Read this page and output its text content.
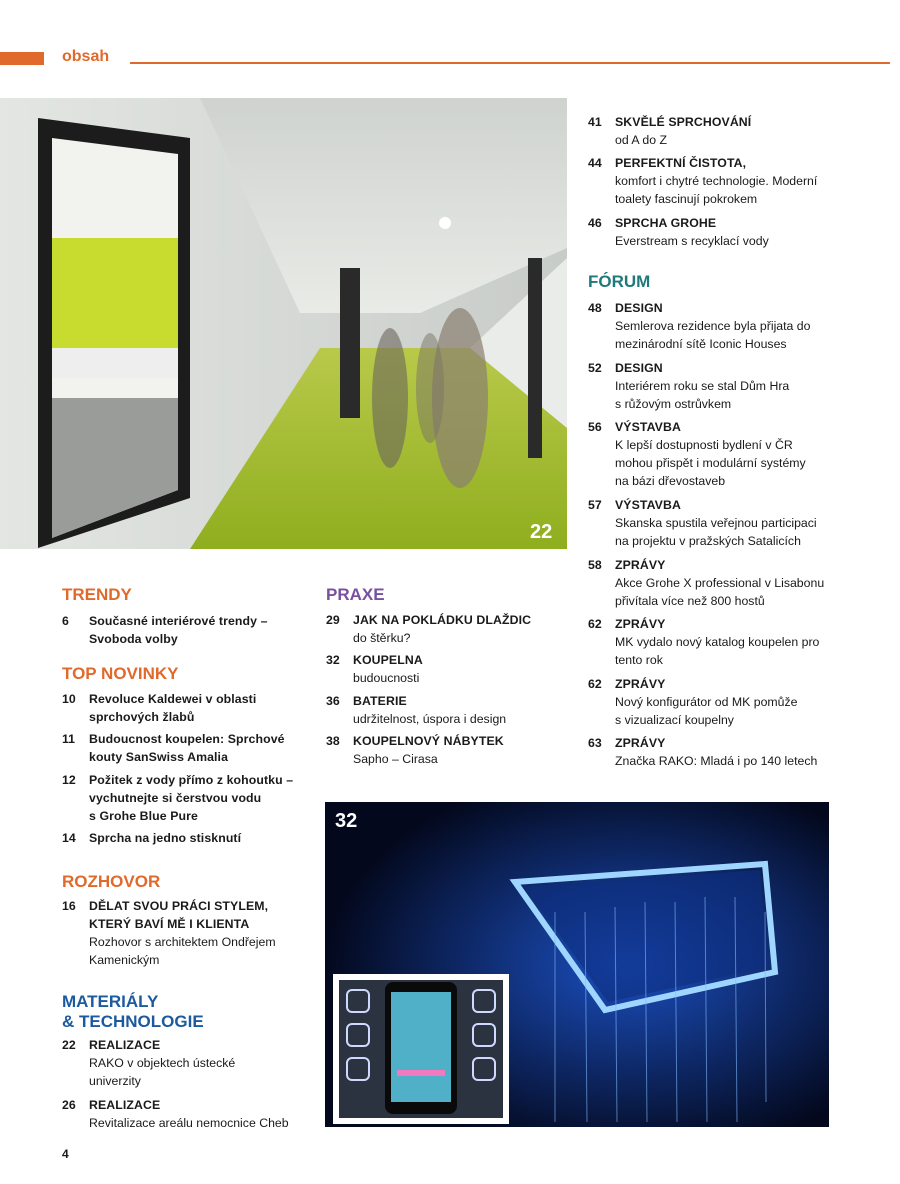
obsah
22
FÓRUM
TRENDY
TOP NOVINKY
ROZHOVOR
MATERIÁLY
& TECHNOLOGIE
PRAXE
32
4
41 SKVĚLÉ SPRCHOVÁNÍ
od A do Z
44 PERFEKTNÍ ČISTOTA,
komfort i chytré technologie. Moderní
toalety fascinují pokrokem
46 SPRCHA GROHE
Everstream s recyklací vody
48 DESIGN
Semlerova rezidence byla přijata do
mezinárodní sítě Iconic Houses
52 DESIGN
Interiérem roku se stal Dům Hra
s růžovým ostrůvkem
56 VÝSTAVBA
K lepší dostupnosti bydlení v ČR
mohou přispět i modulární systémy
na bázi dřevostaveb
57 VÝSTAVBA
Skanska spustila veřejnou participaci
na projektu v pražských Satalicích
58 ZPRÁVY
Akce Grohe X professional v Lisabonu
přivítala více než 800 hostů
62 ZPRÁVY
MK vydalo nový katalog koupelen pro
tento rok
62 ZPRÁVY
Nový konfigurátor od MK pomůže
s vizualizací koupelny
63 ZPRÁVY
Značka RAKO: Mladá i po 140 letech
6 Současné interiérové trendy –
Svoboda volby
10 Revoluce Kaldewei v oblasti
sprchových žlabů
11 Budoucnost koupelen: Sprchové
kouty SanSwiss Amalia
12 Požitek z vody přímo z kohoutku –
vychutnejte si čerstvou vodu
s Grohe Blue Pure
14 Sprcha na jedno stisknutí
16 DĚLAT SVOU PRÁCI STYLEM,
KTERÝ BAVÍ MĚ I KLIENTA
Rozhovor s architektem Ondřejem
Kamenickým
22 REALIZACE
RAKO v objektech ústecké
univerzity
26 REALIZACE
Revitalizace areálu nemocnice Cheb
29 JAK NA POKLÁDKU DLAŽDIC
do štěrku?
32 KOUPELNA
budoucnosti
36 BATERIE
udržitelnost, úspora i design
38 KOUPELNOVÝ NÁBYTEK
Sapho – Cirasa
